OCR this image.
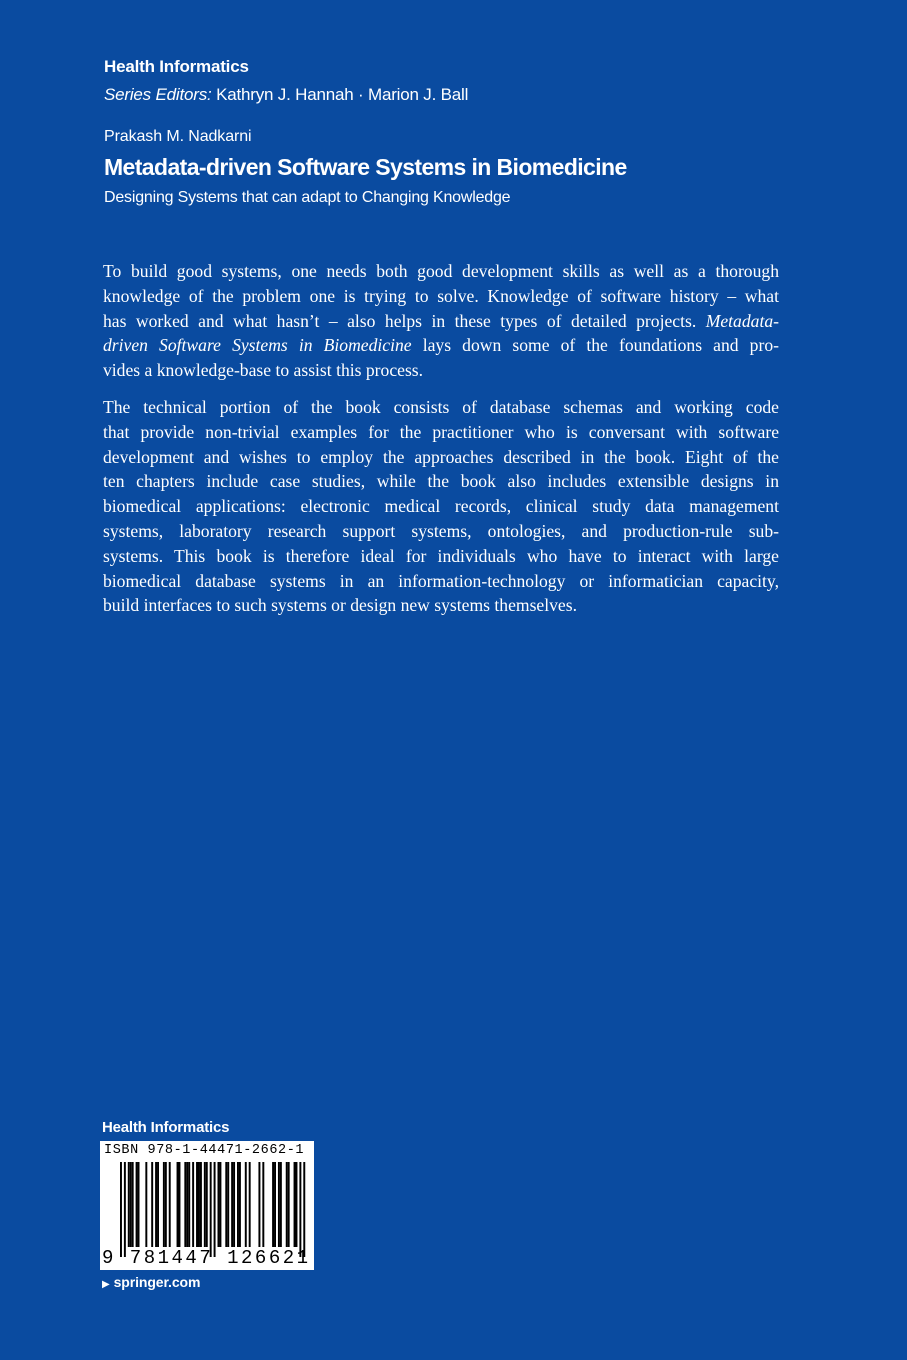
Health Informatics
Series Editors: Kathryn J. Hannah · Marion J. Ball
Prakash M. Nadkarni
Metadata-driven Software Systems in Biomedicine
Designing Systems that can adapt to Changing Knowledge

To build good systems, one needs both good development skills as well as a thorough
knowledge of the problem one is trying to solve. Knowledge of software history – what
has worked and what hasn’t – also helps in these types of detailed projects. Metadata-
driven Software Systems in Biomedicine lays down some of the foundations and pro-
vides a knowledge-base to assist this process.

The technical portion of the book consists of database schemas and working code
that provide non-trivial examples for the practitioner who is conversant with software
development and wishes to employ the approaches described in the book. Eight of the
ten chapters include case studies, while the book also includes extensible designs in
biomedical applications: electronic medical records, clinical study data management
systems, laboratory research support systems, ontologies, and production-rule sub-
systems. This book is therefore ideal for individuals who have to interact with large
biomedical database systems in an information-technology or informatician capacity,
build interfaces to such systems or design new systems themselves.

Health Informatics
ISBN 978-1-44471-2662-1
9 781447 126621
▶ springer.com
